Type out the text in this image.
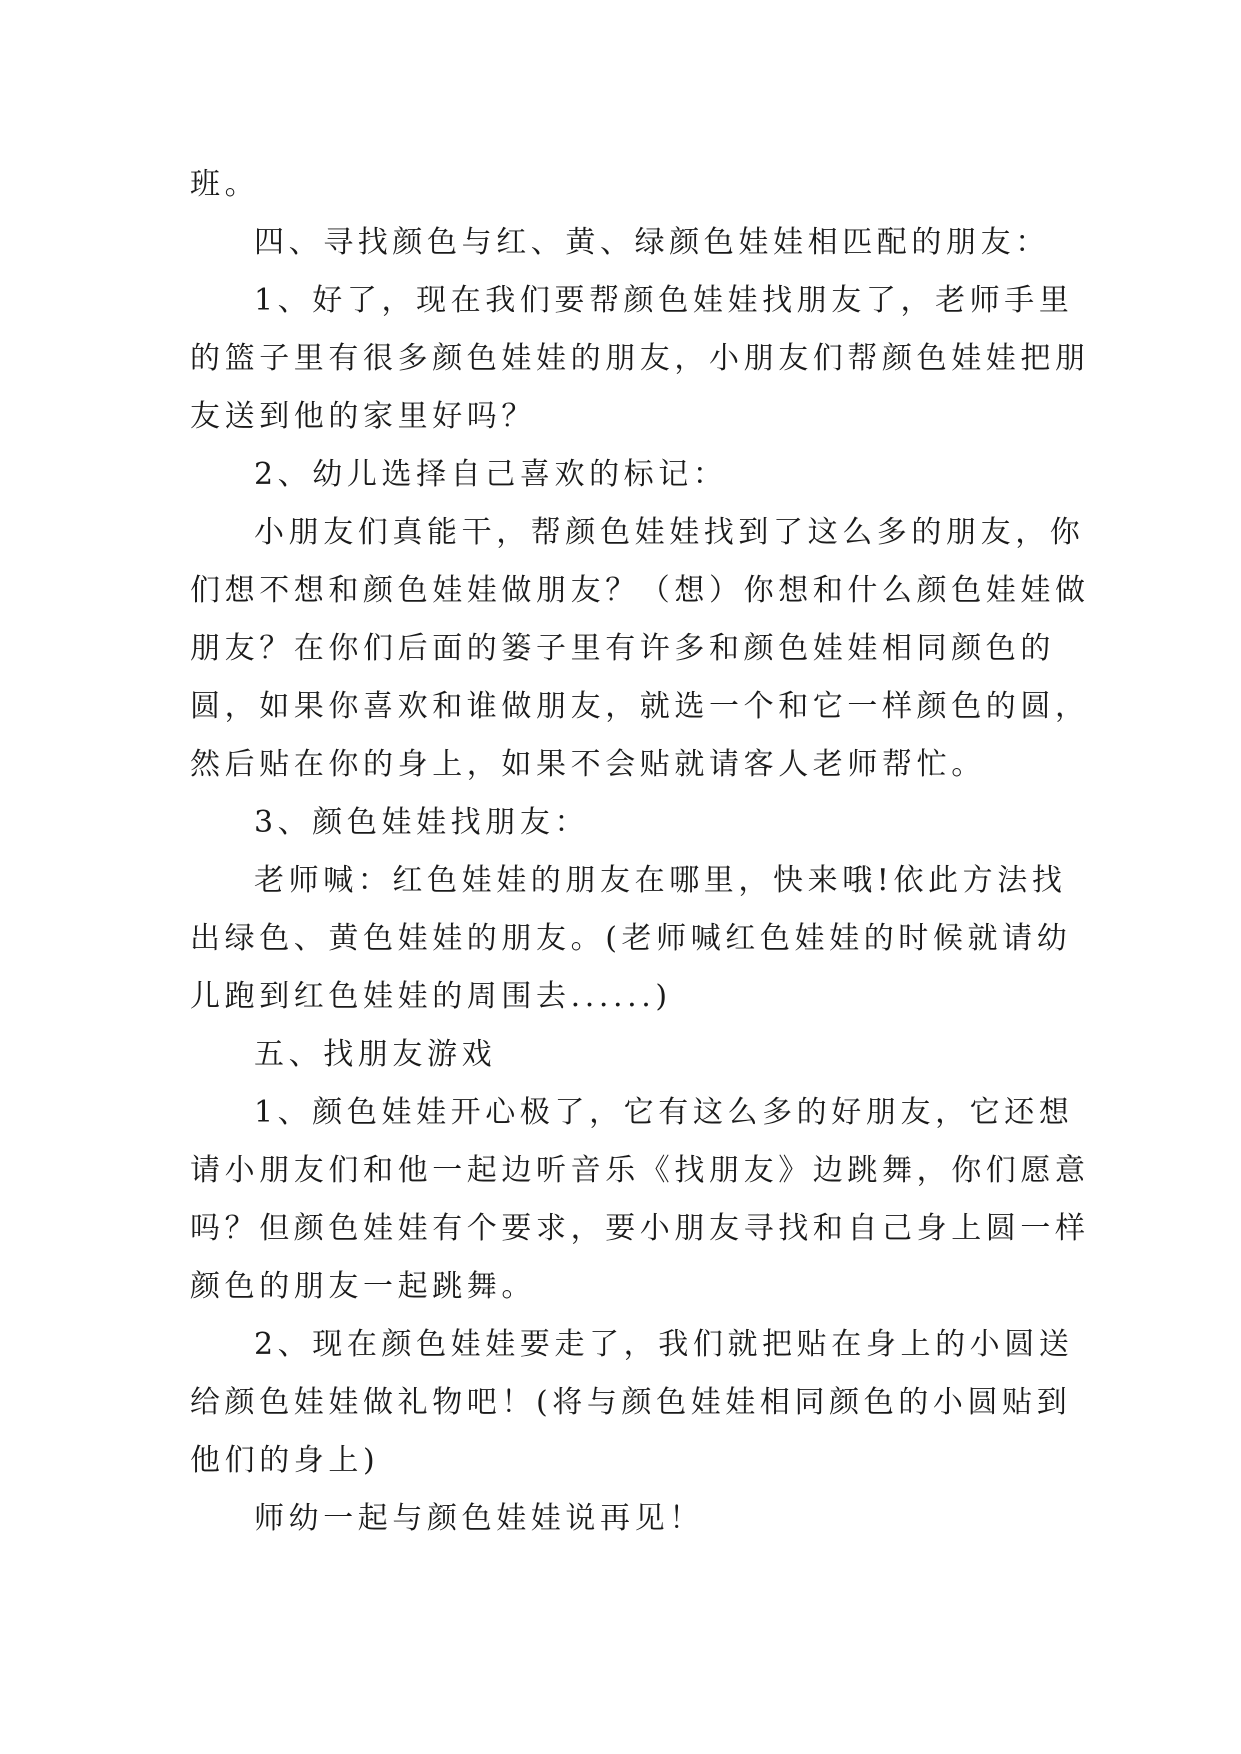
班。
四、寻找颜色与红、黄、绿颜色娃娃相匹配的朋友：
1、好了，现在我们要帮颜色娃娃找朋友了，老师手里
的篮子里有很多颜色娃娃的朋友，小朋友们帮颜色娃娃把朋
友送到他的家里好吗？
2、幼儿选择自己喜欢的标记：
小朋友们真能干，帮颜色娃娃找到了这么多的朋友，你
们想不想和颜色娃娃做朋友？（想）你想和什么颜色娃娃做
朋友？在你们后面的篓子里有许多和颜色娃娃相同颜色的
圆，如果你喜欢和谁做朋友，就选一个和它一样颜色的圆，
然后贴在你的身上，如果不会贴就请客人老师帮忙。
3、颜色娃娃找朋友：
老师喊：红色娃娃的朋友在哪里，快来哦!依此方法找
出绿色、黄色娃娃的朋友。(老师喊红色娃娃的时候就请幼
儿跑到红色娃娃的周围去......)
五、找朋友游戏
1、颜色娃娃开心极了，它有这么多的好朋友，它还想
请小朋友们和他一起边听音乐《找朋友》边跳舞，你们愿意
吗？但颜色娃娃有个要求，要小朋友寻找和自己身上圆一样
颜色的朋友一起跳舞。
2、现在颜色娃娃要走了，我们就把贴在身上的小圆送
给颜色娃娃做礼物吧！(将与颜色娃娃相同颜色的小圆贴到
他们的身上)
师幼一起与颜色娃娃说再见！
